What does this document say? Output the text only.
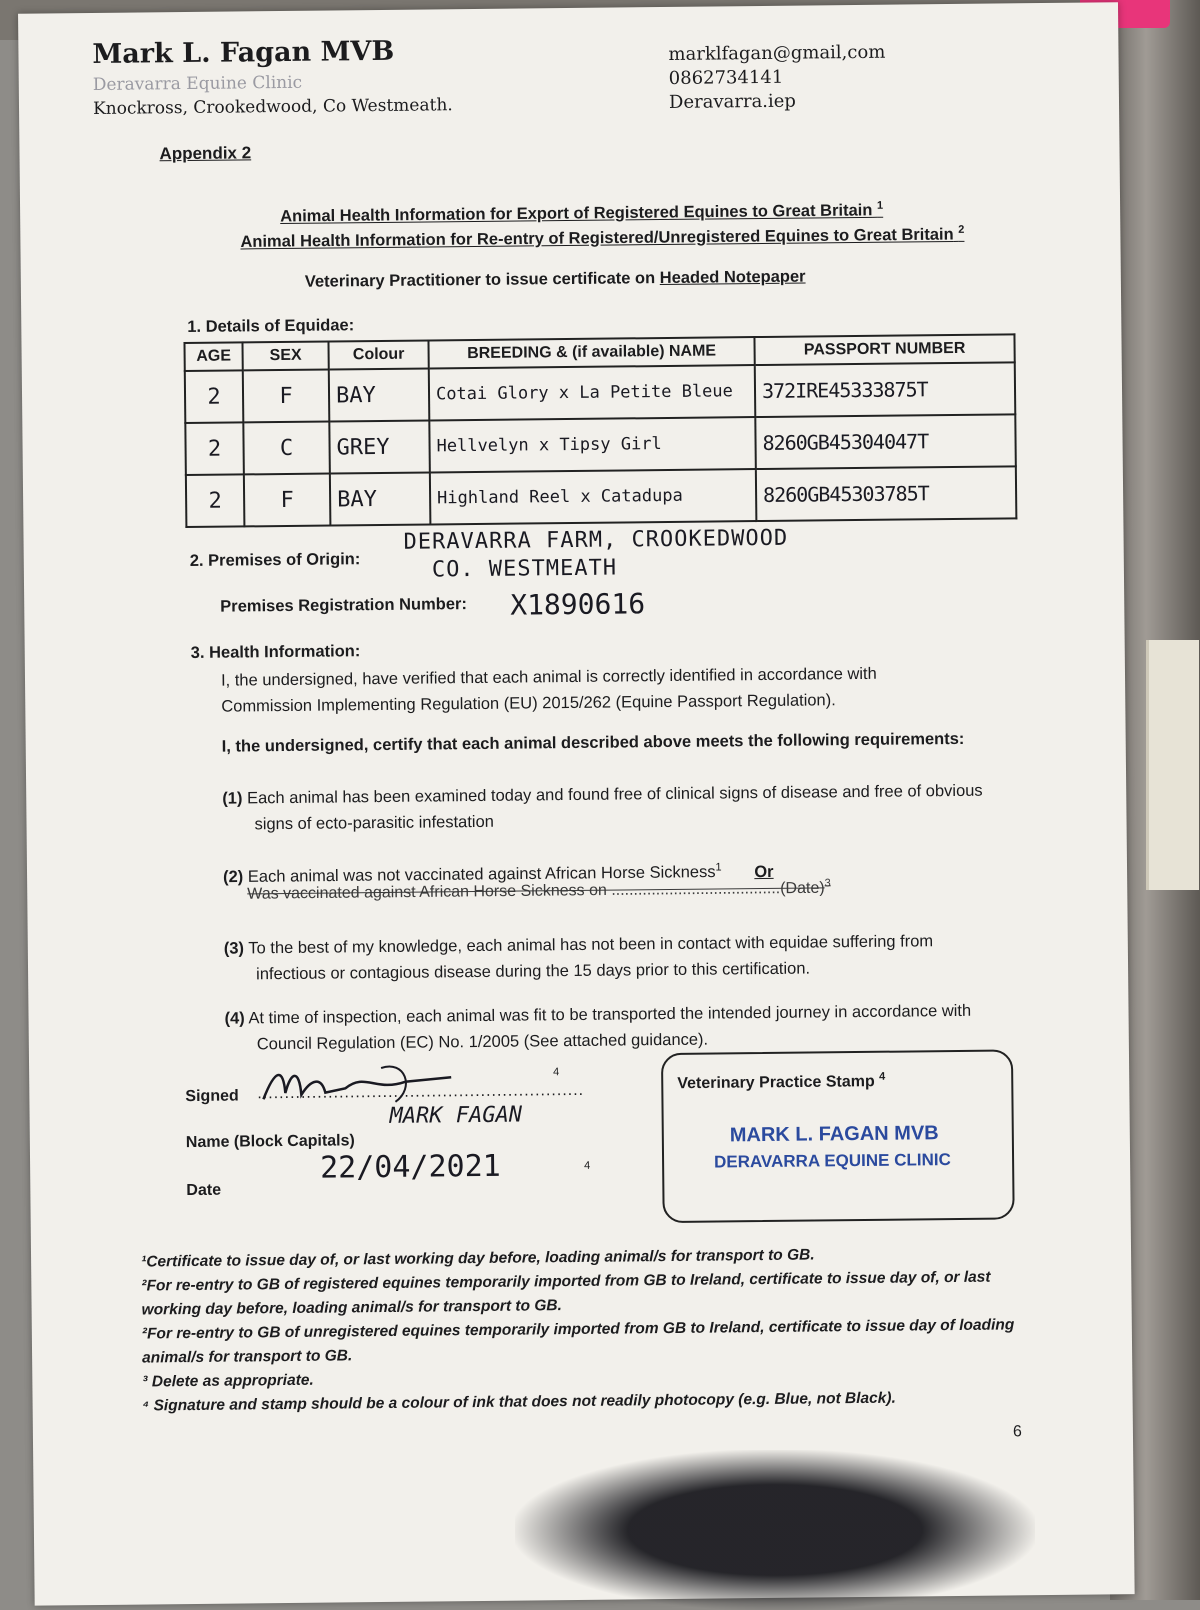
Mark L. Fagan MVB
Deravarra Equine Clinic
Knockross, Crookedwood, Co Westmeath.
marklfagan@gmail,com
0862734141
Deravarra.iep
Appendix 2
Animal Health Information for Export of Registered Equines to Great Britain $^1$
Animal Health Information for Re-entry of Registered/Unregistered Equines to Great Britain $^2$
Veterinary Practitioner to issue certificate on Headed Notepaper
1. Details of Equidae:
AGE	SEX	Colour	BREEDING & (if available) NAME	PASSPORT NUMBER
2	F	BAY	Cotai Glory x La Petite Bleue	372IRE45333875T
2	C	GREY	Hellvelyn x Tipsy Girl	8260GB45304047T
2	F	BAY	Highland Reel x Catadupa	8260GB45303785T
2. Premises of Origin:
DERAVARRA FARM, CROOKEDWOOD
CO. WESTMEATH
Premises Registration Number: X1890616
3. Health Information:
I, the undersigned, have verified that each animal is correctly identified in accordance with
Commission Implementing Regulation (EU) 2015/262 (Equine Passport Regulation).
I, the undersigned, certify that each animal described above meets the following requirements:
(1) Each animal has been examined today and found free of clinical signs of disease and free of obvious
signs of ecto-parasitic infestation
(2) Each animal was not vaccinated against African Horse Sickness$^1$ Or
Was vaccinated against African Horse Sickness on ......................................(Date)$^3$
(3) To the best of my knowledge, each animal has not been in contact with equidae suffering from
infectious or contagious disease during the 15 days prior to this certification.
(4) At time of inspection, each animal was fit to be transported the intended journey in accordance with
Council Regulation (EC) No. 1/2005 (See attached guidance).
Signed ............................................................
4
Name (Block Capitals)
MARK FAGAN
Date
22/04/2021	4
Veterinary Practice Stamp $^4$
MARK L. FAGAN MVB
DERAVARRA EQUINE CLINIC
¹Certificate to issue day of, or last working day before, loading animal/s for transport to GB.
²For re-entry to GB of registered equines temporarily imported from GB to Ireland, certificate to issue day of, or last working day before, loading animal/s for transport to GB.
²For re-entry to GB of unregistered equines temporarily imported from GB to Ireland, certificate to issue day of loading animal/s for transport to GB.
³ Delete as appropriate.
⁴ Signature and stamp should be a colour of ink that does not readily photocopy (e.g. Blue, not Black).
6
